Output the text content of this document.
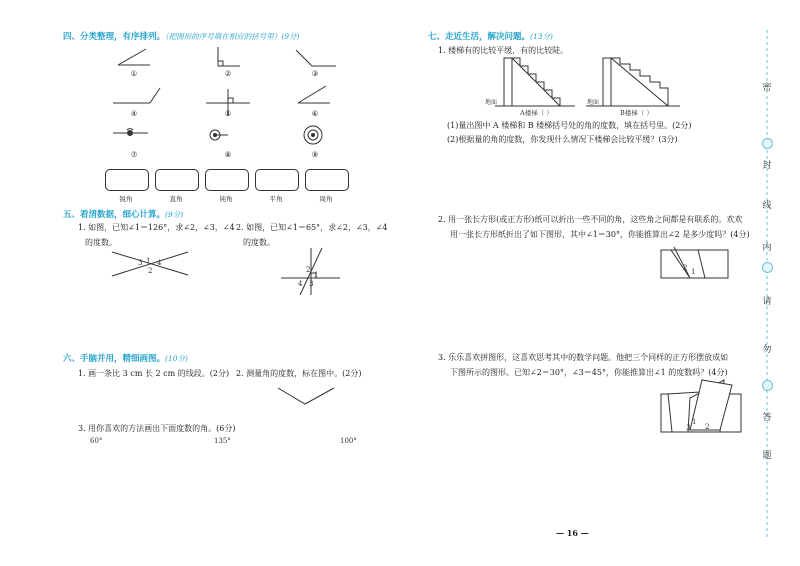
四、分类整理，有序排列。（把图形的序号填在相应的括号里）(9分)
①	②	③
④	⑤	⑥
⑦	⑧	⑨
锐角	直角	钝角	平角	周角
五、看清数据，细心计算。(9分)
1. 如图，已知∠1＝126°，求∠2，∠3，∠4
的度数。
2. 如图，已知∠1＝65°，求∠2，∠3，∠4
的度数。
3 1 4
2	2
1
4 3
六、手脑并用，精细画图。(10分)
1. 画一条比 3 cm 长 2 cm 的线段。(2分) 2. 测量角的度数，标在图中。(2分)
3. 用你喜欢的方法画出下面度数的角。(6分)
60°	135°	100°
七、走近生活，解决问题。(13分)
1. 楼梯有的比较平缓，有的比较陡。
地面	地面
A楼梯（ ）	B楼梯（ ）
(1)量出图中 A 楼梯和 B 楼梯括号处的角的度数，填在括号里。(2分)
(2)根据量的角的度数，你发现什么情况下楼梯会比较平缓？(3分)
2. 用一张长方形(或正方形)纸可以折出一些不同的角，这些角之间都是有联系的。欢欢
用一张长方形纸折出了如下图形，其中∠1＝30°，你能推算出∠2 是多少度吗？(4分)
2 1
3. 乐乐喜欢拼图形，这喜欢思考其中的数学问题。他把三个同样的正方形摆放成如
下图所示的图形。已知∠2＝30°，∠3＝45°，你能推算出∠1 的度数吗？(4分)
1
2
3
— 16 —
密
封
线
内
请
勿
答
题
